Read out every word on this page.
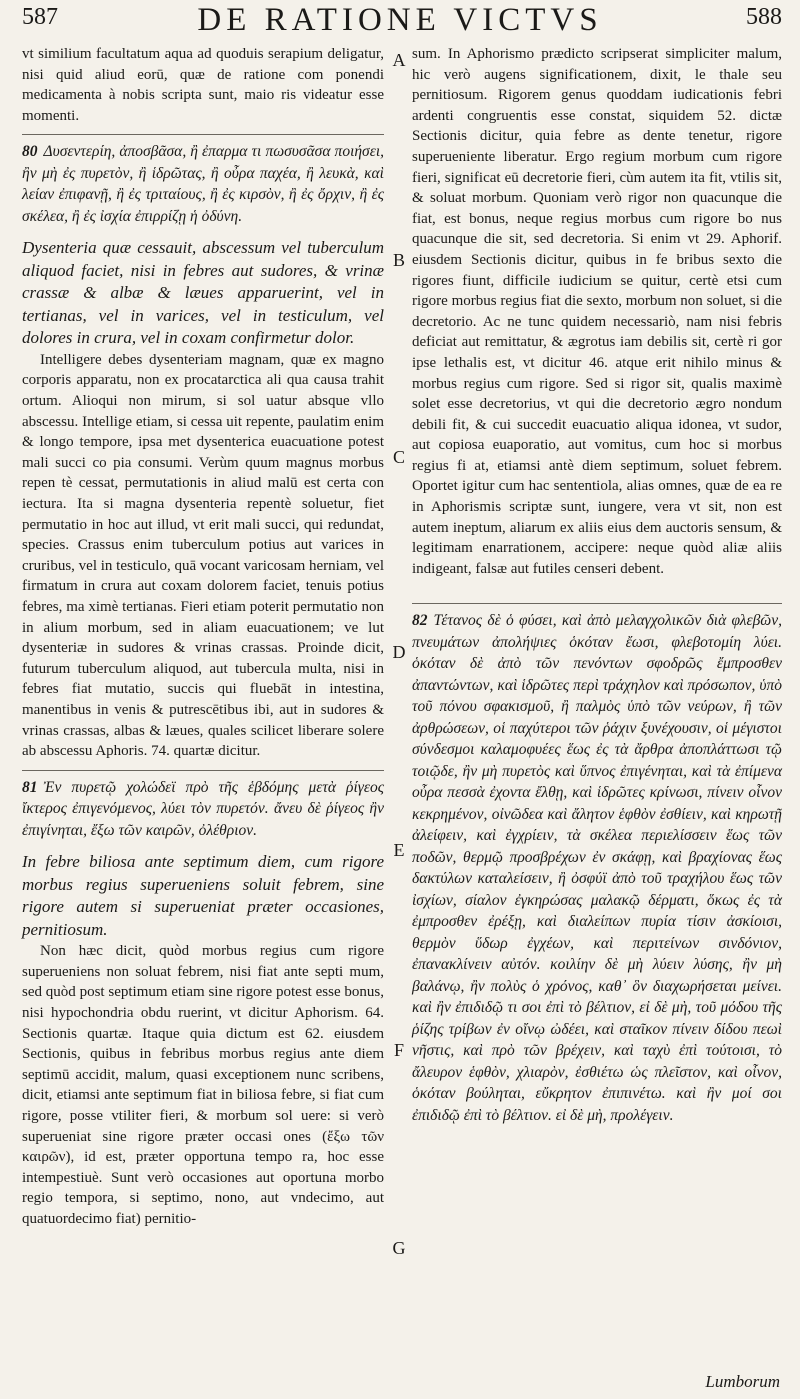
587	DE RATIONE VICTVS	588

vt similium facultatum aqua ad quoduis serapium deligatur, nisi quid aliud eorū, quæ de ratione com ponendi medicamenta à nobis scripta sunt, maio ris videatur esse momenti.

80 Δυσεντερίη, ἀποσβᾶσα, ἢ ἐπαρμα τι πωσυσᾶσα ποιήσει, ἢν μὴ ἐς πυρετὸν, ἢ ἱδρῶτας, ἢ οὖρα παχέα, ἢ λευκὰ, καὶ λείαν ἐπιφανῇ, ἢ ἐς τριταίους, ἢ ἐς κιρσὸν, ἢ ἐς ὄρχιν, ἢ ἐς σκέλεα, ἢ ἐς ἰσχία ἐπιρρίζῃ ἡ ὀδύνη.

Dysenteria quæ cessauit, abscessum vel tuberculum aliquod faciet, nisi in febres aut sudores, & vrinæ crassæ & albæ & læues apparuerint, vel in tertianas, vel in varices, vel in testiculum, vel dolores in crura, vel in coxam confirmetur dolor.

Intelligere debes dysenteriam magnam, quæ ex magno corporis apparatu, non ex procatarctica ali qua causa trahit ortum. Alioqui non mirum, si sol uatur absque vllo abscessu. Intellige etiam, si cessa uit repente, paulatim enim & longo tempore, ipsa met dysenterica euacuatione potest mali succi co pia consumi. Verùm quum magnus morbus repen tè cessat, permutationis in aliud malū est certa con iectura. Ita si magna dysenteria repentè soluetur, fiet permutatio in hoc aut illud, vt erit mali succi, qui redundat, species. Crassus enim tuberculum potius aut varices in cruribus, vel in testiculo, quā vocant varicosam herniam, vel firmatum in crura aut coxam dolorem faciet, tenuis potius febres, ma ximè tertianas. Fieri etiam poterit permutatio non in alium morbum, sed in aliam euacuationem; ve lut dysenteriæ in sudores & vrinas crassas. Proinde dicit, futurum tuberculum aliquod, aut tubercula multa, nisi in febres fiat mutatio, succis qui fluebāt in intestina, manentibus in venis & putrescētibus ibi, aut in sudores & vrinas crassas, albas & læues, quales scilicet liberare solere ab abscessu Aphoris. 74. quartæ dicitur.

81 Ἐν πυρετῷ χολώδεϊ πρὸ τῆς ἑβδόμης μετὰ ῥίγεος ἴκτερος ἐπιγενόμενος, λύει τὸν πυρετόν. ἄνευ δὲ ῥίγεος ἢν ἐπιγίνηται, ἔξω τῶν καιρῶν, ὀλέθριον.

In febre biliosa ante septimum diem, cum rigore morbus regius superueniens soluit febrem, sine rigore autem si superueniat præter occasiones, pernitiosum.

Non hæc dicit, quòd morbus regius cum rigore superueniens non soluat febrem, nisi fiat ante septi mum, sed quòd post septimum etiam sine rigore potest esse bonus, nisi hypochondria obdu ruerint, vt dicitur Aphorism. 64. Sectionis quartæ. Itaque quia dictum est 62. eiusdem Sectionis, quibus in febribus morbus regius ante diem septimū accidit, malum, quasi exceptionem nunc scribens, dicit, etiamsi ante septimum fiat in biliosa febre, si fiat cum rigore, posse vtiliter fieri, & morbum sol uere: si verò superueniat sine rigore præter occasi ones (ἔξω τῶν καιρῶν), id est, præter opportuna tempo ra, hoc esse intempestiuè. Sunt verò occasiones aut oportuna morbo regio tempora, si septimo, nono, aut vndecimo, aut quatuordecimo fiat) pernitio-

A
B
C
D
E
F
G

sum. In Aphorismo prædicto scripserat simpliciter malum, hic verò augens significationem, dixit, le thale seu pernitiosum. Rigorem genus quoddam iudicationis febri ardenti congruentis esse constat, siquidem 52. dictæ Sectionis dicitur, quia febre as dente tenetur, rigore superueniente liberatur. Ergo regium morbum cum rigore fieri, significat eū decretorie fieri, cùm autem ita fit, vtilis sit, & soluat morbum. Quoniam verò rigor non quacunque die fiat, est bonus, neque regius morbus cum rigore bo nus quacunque die sit, sed decretoria. Si enim vt 29. Aphorif. eiusdem Sectionis dicitur, quibus in fe bribus sexto die rigores fiunt, difficile iudicium se quitur, certè etsi cum rigore morbus regius fiat die sexto, morbum non soluet, si die decretorio. Ac ne tunc quidem necessariò, nam nisi febris deficiat aut remittatur, & ægrotus iam debilis sit, certè ri gor ipse lethalis est, vt dicitur 46. atque erit nihilo minus & morbus regius cum rigore. Sed si rigor sit, qualis maximè solet esse decretorius, vt qui die decretorio ægro nondum debili fit, & cui succedit euacuatio aliqua idonea, vt sudor, aut copiosa euaporatio, aut vomitus, cum hoc si morbus regius fi at, etiamsi antè diem septimum, soluet febrem. Oportet igitur cum hac sententiola, alias omnes, quæ de ea re in Aphorismis scriptæ sunt, iungere, vera vt sit, non est autem ineptum, aliarum ex aliis eius dem auctoris sensum, & legitimam enarrationem, accipere: neque quòd aliæ aliis indigeant, falsæ aut futiles censeri debent.

82 Τέτανος δὲ ὁ φύσει, καὶ ἀπὸ μελαγχολικῶν διὰ φλεβῶν, πνευμάτων ἀπολήψιες ὁκόταν ἔωσι, φλεβοτομίη λύει. ὁκόταν δὲ ἀπὸ τῶν πενόντων σφοδρῶς ἔμπροσθεν ἀπαντώντων, καὶ ἱδρῶτες περὶ τράχηλον καὶ πρόσωπον, ὑπὸ τοῦ πόνου σφακισμοῦ, ἢ παλμὸς ὑπὸ τῶν νεύρων, ἢ τῶν ἀρθρώσεων, οἱ παχύτεροι τῶν ῥάχιν ξυνέχουσιν, οἱ μέγιστοι σύνδεσμοι καλαμοφυέες ἕως ἐς τὰ ἄρθρα ἀποπλάττωσι τῷ τοιῷδε, ἢν μὴ πυρετὸς καὶ ὕπνος ἐπιγένηται, καὶ τὰ ἐπίμενα οὖρα πεσσὰ ἐχοντα ἔλθῃ, καὶ ἱδρῶτες κρίνωσι, πίνειν οἶνον κεκρημένον, οἰνῶδεα καὶ ἄλητον ἑφθὸν ἐσθίειν, καὶ κηρωτῇ ἀλείφειν, καὶ ἐγχρίειν, τὰ σκέλεα περιελίσσειν ἕως τῶν ποδῶν, θερμῷ προσβρέχων ἐν σκάφῃ, καὶ βραχίονας ἕως δακτύλων καταλείσειν, ἢ ὀσφύϊ ἀπὸ τοῦ τραχήλου ἕως τῶν ἰσχίων, σίαλον ἐγκηρώσας μαλακῷ δέρματι, ὅκως ἐς τὰ ἐμπροσθεν ἐρέξῃ, καὶ διαλείπων πυρία τίσιν ἀσκίοισι, θερμὸν ὕδωρ ἐγχέων, καὶ περιτείνων σινδόνιον, ἐπανακλίνειν αὐτόν. κοιλίην δὲ μὴ λύειν λύσης, ἢν μὴ βαλάνῳ, ἢν πολὺς ὁ χρόνος, καθ᾽ ὃν διαχωρήσεται μείνει. καὶ ἢν ἐπιδιδῷ τι σοι ἐπὶ τὸ βέλτιον, εἰ δὲ μὴ, τοῦ μόδου τῆς ῥίζης τρίβων ἐν οἴνῳ ὠδέει, καὶ σταῖκον πίνειν δίδου πεωὶ νῆστις, καὶ πρὸ τῶν βρέχειν, καὶ ταχὺ ἐπὶ τούτοισι, τὸ ἄλευρον ἑφθὸν, χλιαρὸν, ἐσθιέτω ὡς πλεῖστον, καὶ οἶνον, ὁκόταν βούληται, εὔκρητον ἐπιπινέτω. καὶ ἢν μοί σοι ἐπιδιδῷ ἐπὶ τὸ βέλτιον. εἰ δὲ μὴ, προλέγειν.

Lumborum
